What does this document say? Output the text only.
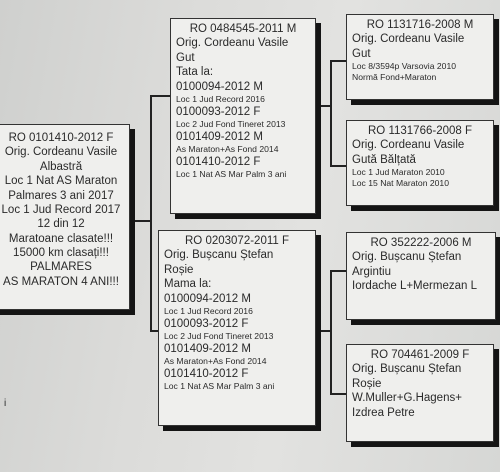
RO 0101410-2012 F
Orig. Cordeanu Vasile
Albastră
Loc 1 Nat AS Maraton
Palmares 3 ani 2017
Loc 1 Jud Record 2017
12 din 12
Maratoane clasate!!!
15000 km clasați!!!
PALMARES
AS MARATON 4 ANI!!!
RO 0484545-2011 M
Orig. Cordeanu Vasile
Gut
Tata la:
0100094-2012 M
Loc 1 Jud Record 2016
0100093-2012 F
Loc 2 Jud Fond Tineret 2013
0101409-2012 M
As Maraton+As Fond 2014
0101410-2012 F
Loc 1 Nat AS Mar Palm 3 ani
RO 0203072-2011 F
Orig. Bușcanu Ștefan
Roșie
Mama la:
0100094-2012 M
Loc 1 Jud Record 2016
0100093-2012 F
Loc 2 Jud Fond Tineret 2013
0101409-2012 M
As Maraton+As Fond 2014
0101410-2012 F
Loc 1 Nat AS Mar Palm 3 ani
RO 1131716-2008 M
Orig. Cordeanu Vasile
Gut
Loc 8/3594p Varsovia 2010
Normă Fond+Maraton
RO 1131766-2008 F
Orig. Cordeanu Vasile
Gută Bălțată
Loc 1 Jud Maraton 2010
Loc 15 Nat Maraton 2010
RO 352222-2006 M
Orig. Bușcanu Ștefan
Argintiu
Iordache L+Mermezan L
RO 704461-2009 F
Orig. Bușcanu Ștefan
Roșie
W.Muller+G.Hagens+
Izdrea Petre
i
